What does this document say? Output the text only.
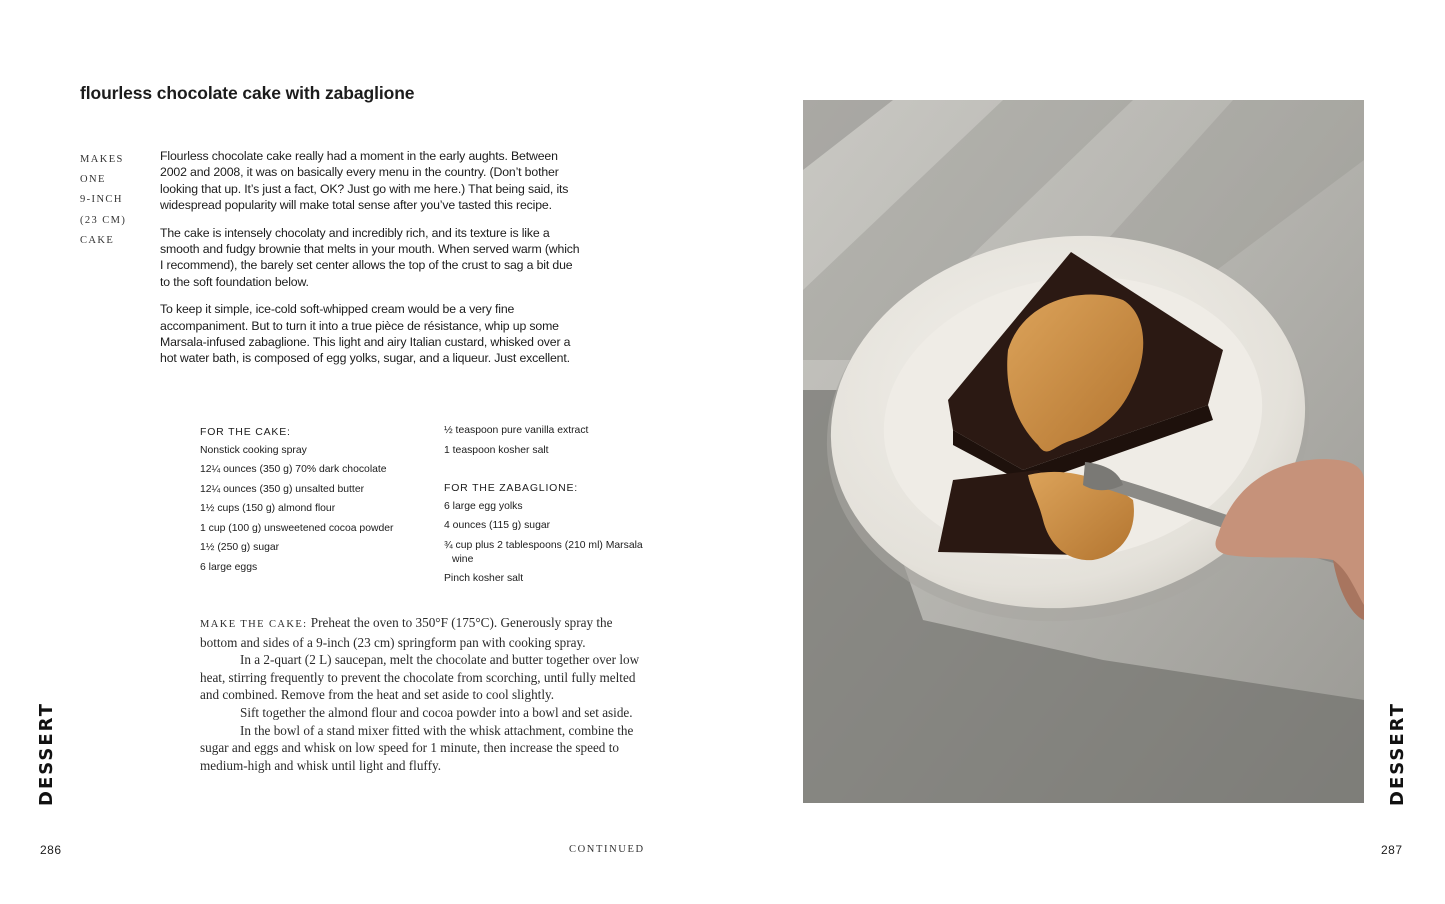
flourless chocolate cake with zabaglione
MAKES
ONE
9-INCH
(23 CM)
CAKE

Flourless chocolate cake really had a moment in the early aughts. Between 2002 and 2008, it was on basically every menu in the country. (Don’t bother looking that up. It’s just a fact, OK? Just go with me here.) That being said, its widespread popularity will make total sense after you’ve tasted this recipe.

The cake is intensely chocolaty and incredibly rich, and its texture is like a smooth and fudgy brownie that melts in your mouth. When served warm (which I recommend), the barely set center allows the top of the crust to sag a bit due to the soft foundation below.

To keep it simple, ice-cold soft-whipped cream would be a very fine accompaniment. But to turn it into a true pièce de résistance, whip up some Marsala-infused zabaglione. This light and airy Italian custard, whisked over a hot water bath, is composed of egg yolks, sugar, and a liqueur. Just excellent.

FOR THE CAKE:
Nonstick cooking spray
12¼ ounces (350 g) 70% dark chocolate
12¼ ounces (350 g) unsalted butter
1½ cups (150 g) almond flour
1 cup (100 g) unsweetened cocoa powder
1½ (250 g) sugar
6 large eggs
½ teaspoon pure vanilla extract
1 teaspoon kosher salt
FOR THE ZABAGLIONE:
6 large egg yolks
4 ounces (115 g) sugar
¾ cup plus 2 tablespoons (210 ml) Marsala wine
Pinch kosher salt

MAKE THE CAKE: Preheat the oven to 350°F (175°C). Generously spray the bottom and sides of a 9-inch (23 cm) springform pan with cooking spray.

In a 2-quart (2 L) saucepan, melt the chocolate and butter together over low heat, stirring frequently to prevent the chocolate from scorching, until fully melted and combined. Remove from the heat and set aside to cool slightly.

Sift together the almond flour and cocoa powder into a bowl and set aside.

In the bowl of a stand mixer fitted with the whisk attachment, combine the sugar and eggs and whisk on low speed for 1 minute, then increase the speed to medium-high and whisk until light and fluffy.

DESSERT	DESSERT
286	CONTINUED	287
